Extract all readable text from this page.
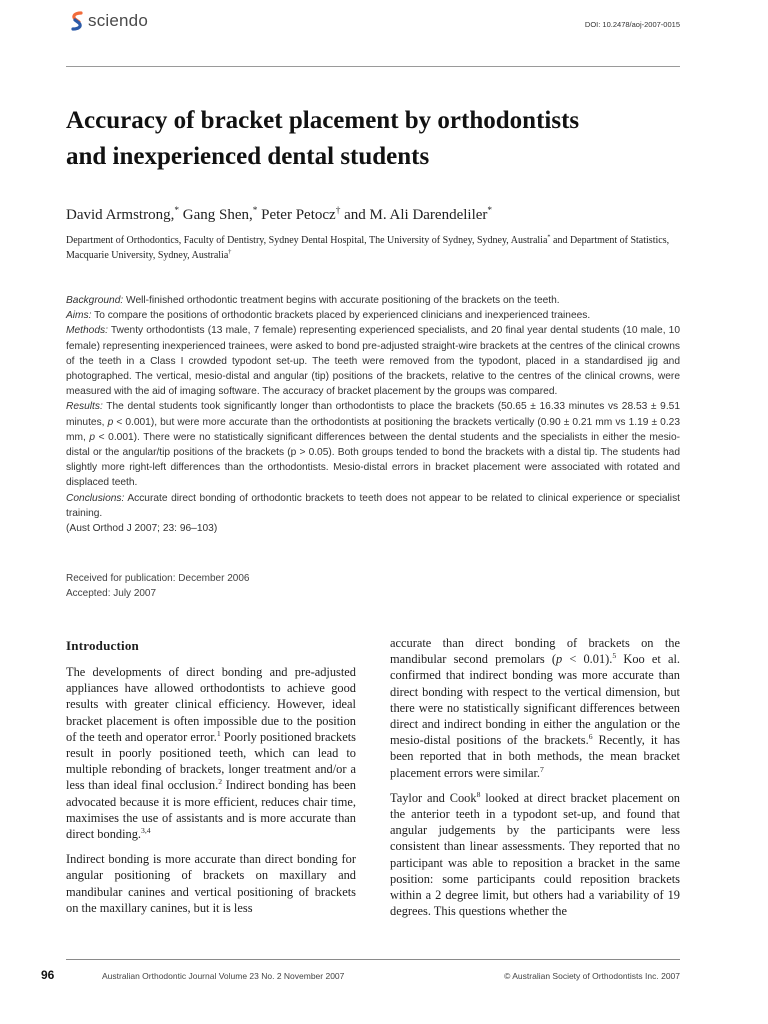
sciendo	DOI: 10.2478/aoj-2007-0015
Accuracy of bracket placement by orthodontists
and inexperienced dental students
David Armstrong,* Gang Shen,* Peter Petocz† and M. Ali Darendeliler*
Department of Orthodontics, Faculty of Dentistry, Sydney Dental Hospital, The University of Sydney, Sydney, Australia* and Department of Statistics, Macquarie University, Sydney, Australia†

Background: Well-finished orthodontic treatment begins with accurate positioning of the brackets on the teeth.

Aims: To compare the positions of orthodontic brackets placed by experienced clinicians and inexperienced trainees.

Methods: Twenty orthodontists (13 male, 7 female) representing experienced specialists, and 20 final year dental students (10 male, 10 female) representing inexperienced trainees, were asked to bond pre-adjusted straight-wire brackets at the centres of the clinical crowns of the teeth in a Class I crowded typodont set-up. The teeth were removed from the typodont, placed in a standardised jig and photographed. The vertical, mesio-distal and angular (tip) positions of the brackets, relative to the centres of the clinical crowns, were measured with the aid of imaging software. The accuracy of bracket placement by the groups was compared.

Results: The dental students took significantly longer than orthodontists to place the brackets (50.65 ± 16.33 minutes vs 28.53 ± 9.51 minutes, p < 0.001), but were more accurate than the orthodontists at positioning the brackets vertically (0.90 ± 0.21 mm vs 1.19 ± 0.23 mm, p < 0.001). There were no statistically significant differences between the dental students and the specialists in either the mesio-distal or the angular/tip positions of the brackets (p > 0.05). Both groups tended to bond the brackets with a distal tip. The students had slightly more right-left differences than the orthodontists. Mesio-distal errors in bracket placement were associated with rotated and displaced teeth.

Conclusions: Accurate direct bonding of orthodontic brackets to teeth does not appear to be related to clinical experience or specialist training.

(Aust Orthod J 2007; 23: 96–103)

Received for publication: December 2006
Accepted: July 2007
Introduction

The developments of direct bonding and pre-adjusted appliances have allowed orthodontists to achieve good results with greater clinical efficiency. However, ideal bracket placement is often impossible due to the position of the teeth and operator error.$^1$ Poorly positioned brackets result in poorly positioned teeth, which can lead to multiple rebonding of brackets, longer treatment and/or a less than ideal final occlusion.$^2$ Indirect bonding has been advocated because it is more efficient, reduces chair time, maximises the use of assistants and is more accurate than direct bonding.$^{3,4}$

Indirect bonding is more accurate than direct bonding for angular positioning of brackets on maxillary and mandibular canines and vertical positioning of brackets on the maxillary canines, but it is less

accurate than direct bonding of brackets on the mandibular second premolars (p < 0.01).$^5$ Koo et al. confirmed that indirect bonding was more accurate than direct bonding with respect to the vertical dimension, but there were no statistically significant differences between direct and indirect bonding in either the angulation or the mesio-distal positions of the brackets.$^6$ Recently, it has been reported that in both methods, the mean bracket placement errors were similar.$^7$

Taylor and Cook$^8$ looked at direct bracket placement on the anterior teeth in a typodont set-up, and found that angular judgements by the participants were less consistent than linear assessments. They reported that no participant was able to reposition a bracket in the same position: some participants could reposition brackets within a 2 degree limit, but others had a variability of 19 degrees. This questions whether the

96	Australian Orthodontic Journal Volume 23 No. 2 November 2007	© Australian Society of Orthodontists Inc. 2007
